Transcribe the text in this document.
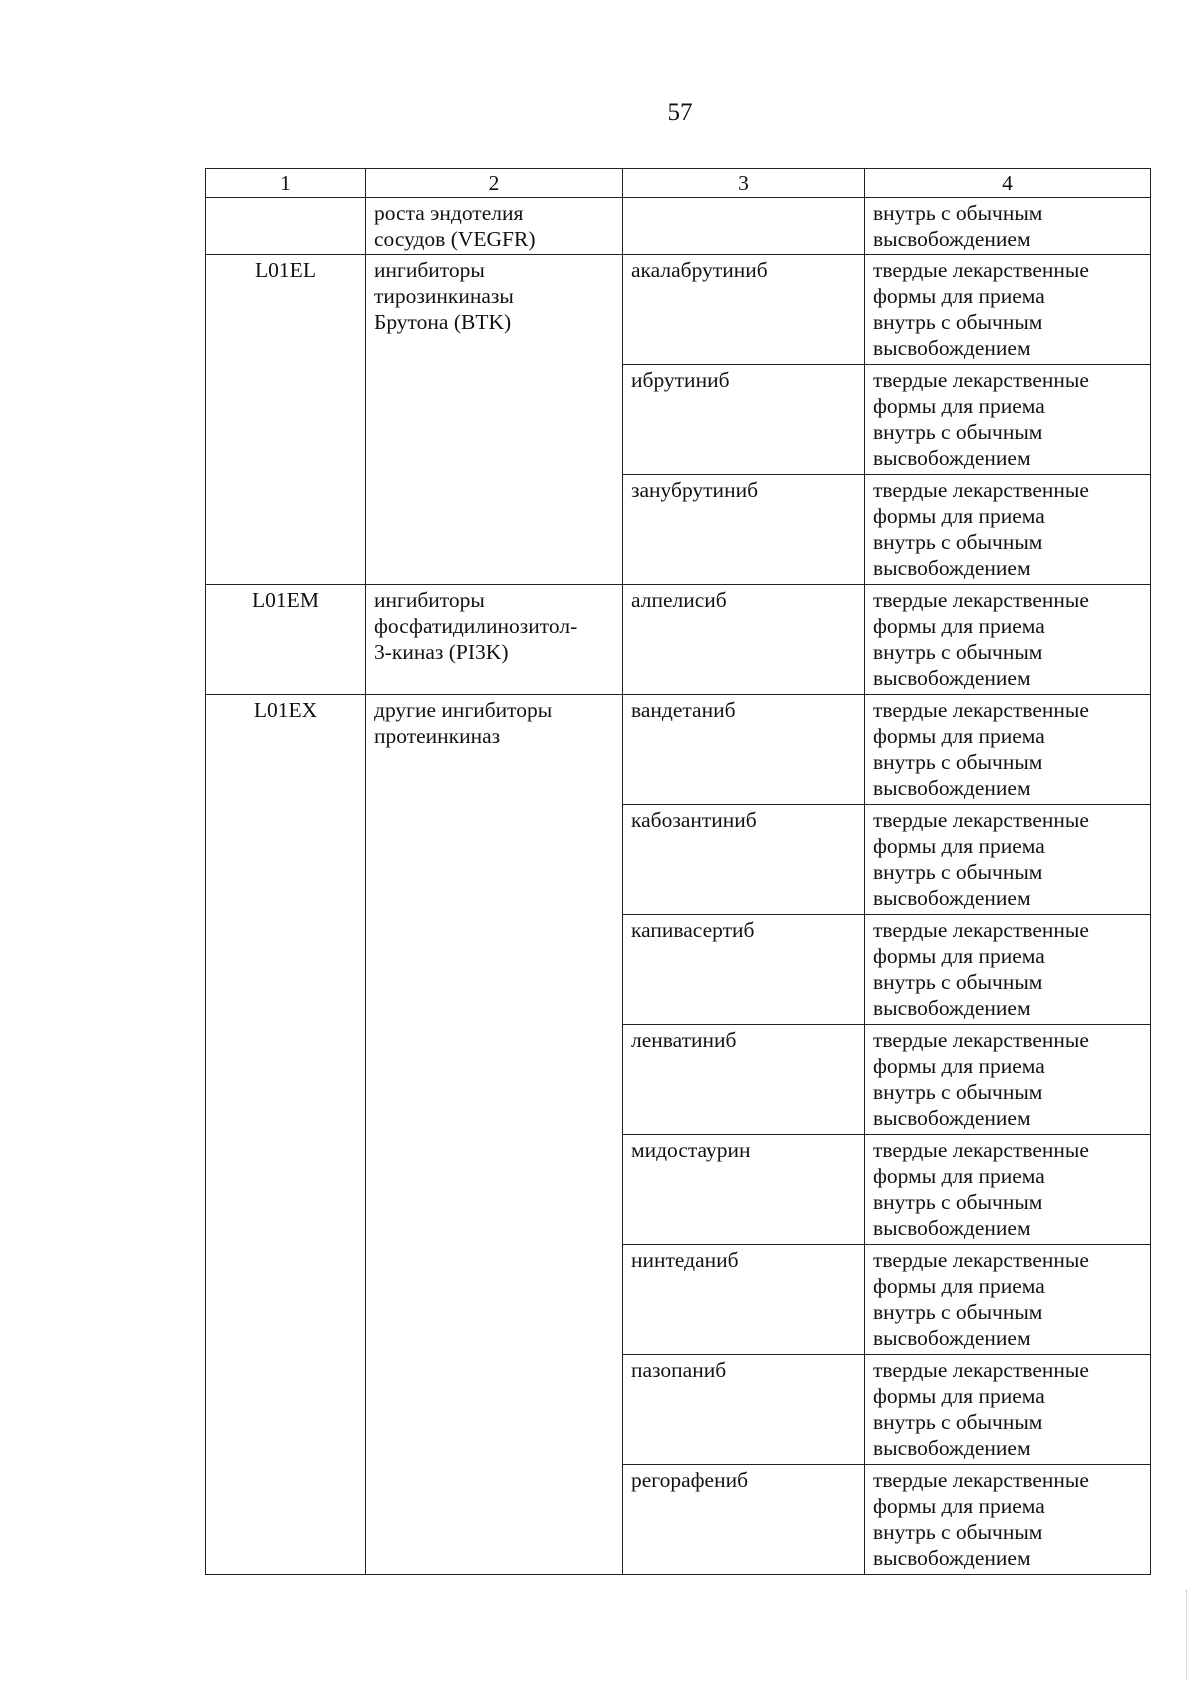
57
1	2	3	4

	роста эндотелия
сосудов (VEGFR)		внутрь с обычным
высвобождением

L01EL	ингибиторы
тирозинкиназы
Брутона (BTK)	акалабрутиниб	твердые лекарственные
формы для приема
внутрь с обычным
высвобождением

		ибрутиниб	твердые лекарственные
формы для приема
внутрь с обычным
высвобождением

		занубрутиниб	твердые лекарственные
формы для приема
внутрь с обычным
высвобождением

L01EM	ингибиторы
фосфатидилинозитол-
3-киназ (PI3K)	алпелисиб	твердые лекарственные
формы для приема
внутрь с обычным
высвобождением

L01EX	другие ингибиторы
протеинкиназ	вандетаниб	твердые лекарственные
формы для приема
внутрь с обычным
высвобождением

		кабозантиниб	твердые лекарственные
формы для приема
внутрь с обычным
высвобождением

		капивасертиб	твердые лекарственные
формы для приема
внутрь с обычным
высвобождением

		ленватиниб	твердые лекарственные
формы для приема
внутрь с обычным
высвобождением

		мидостаурин	твердые лекарственные
формы для приема
внутрь с обычным
высвобождением

		нинтеданиб	твердые лекарственные
формы для приема
внутрь с обычным
высвобождением

		пазопаниб	твердые лекарственные
формы для приема
внутрь с обычным
высвобождением

		регорафениб	твердые лекарственные
формы для приема
внутрь с обычным
высвобождением
